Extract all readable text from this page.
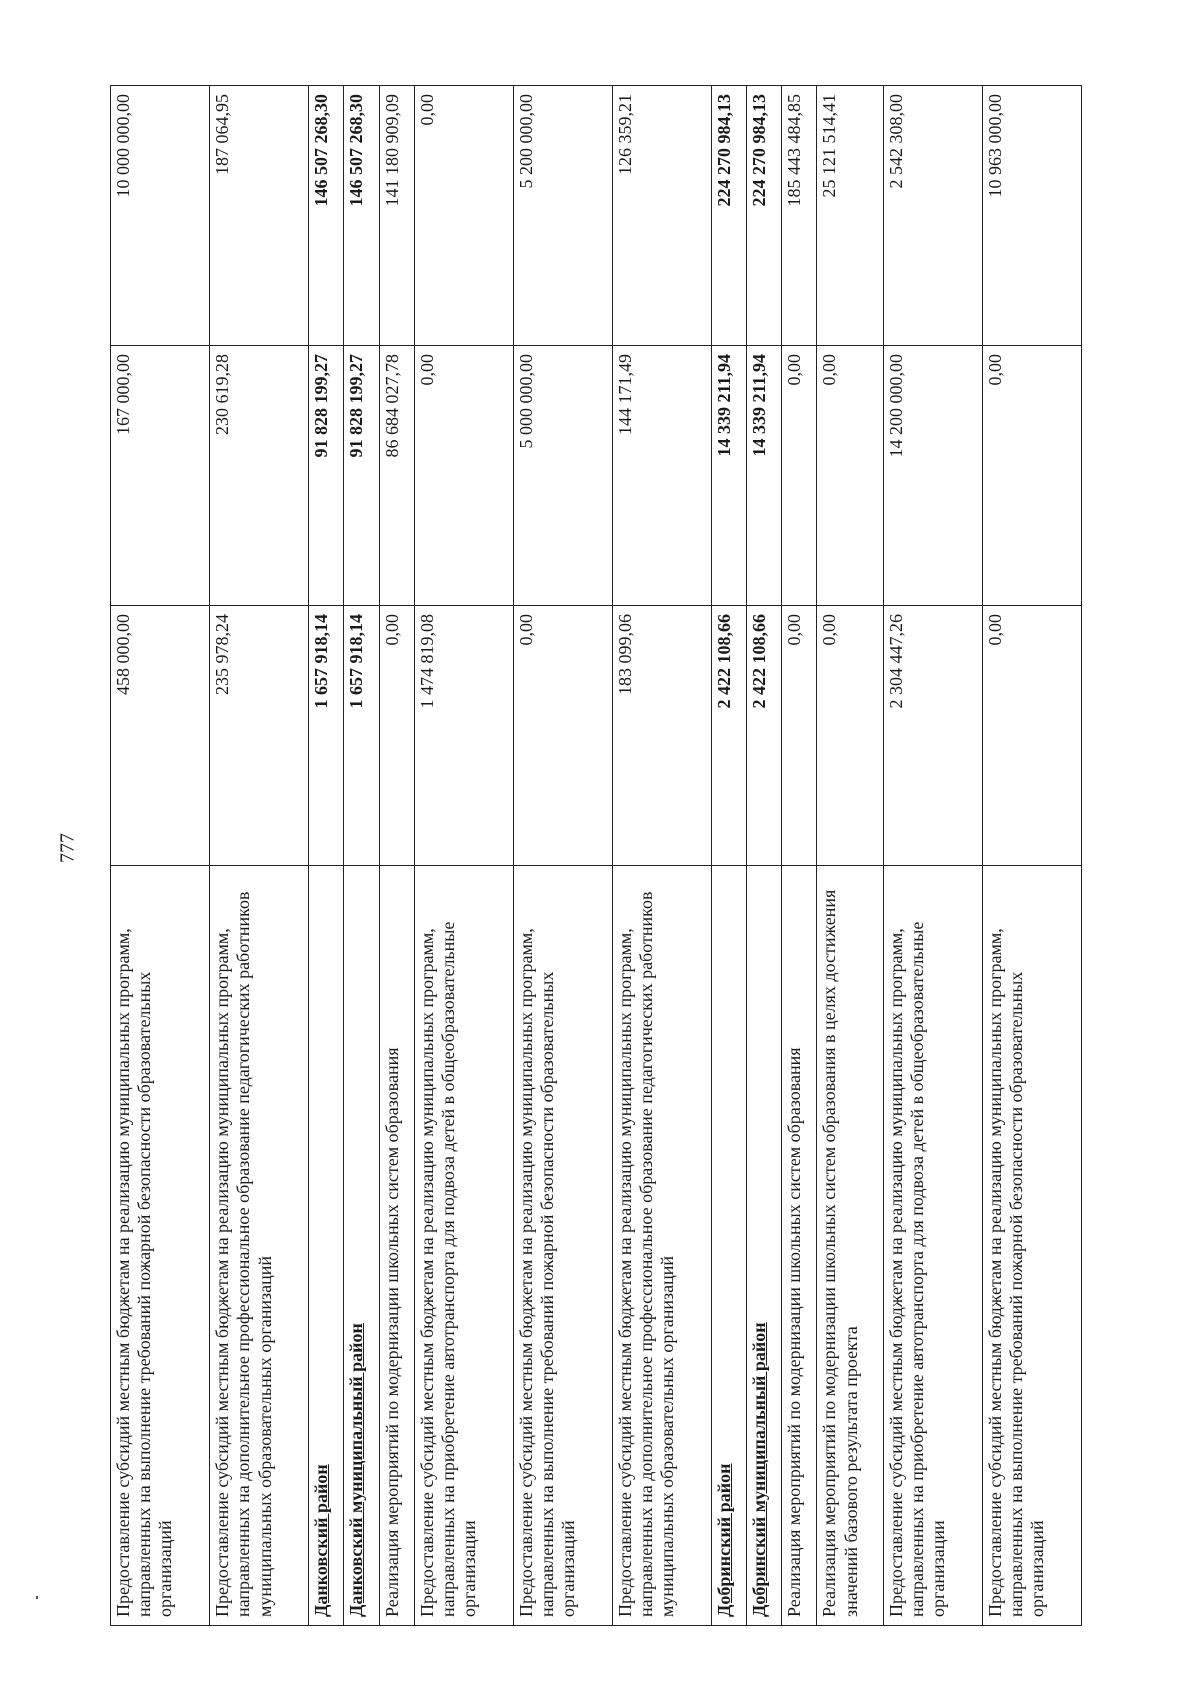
777
Предоставление субсидий местным бюджетам на реализацию муниципальных программ, направленных на выполнение требований пожарной безопасности образовательных организаций	458 000,00	167 000,00	10 000 000,00
Предоставление субсидий местным бюджетам на реализацию муниципальных программ, направленных на дополнительное профессиональное образование педагогических работников муниципальных образовательных организаций	235 978,24	230 619,28	187 064,95
Данковский район	1 657 918,14	91 828 199,27	146 507 268,30
Данковский муниципальный район	1 657 918,14	91 828 199,27	146 507 268,30
Реализация мероприятий по модернизации школьных систем образования	0,00	86 684 027,78	141 180 909,09
Предоставление субсидий местным бюджетам на реализацию муниципальных программ, направленных на приобретение автотранспорта для подвоза детей в общеобразовательные организации	1 474 819,08	0,00	0,00
Предоставление субсидий местным бюджетам на реализацию муниципальных программ, направленных на выполнение требований пожарной безопасности образовательных организаций	0,00	5 000 000,00	5 200 000,00
Предоставление субсидий местным бюджетам на реализацию муниципальных программ, направленных на дополнительное профессиональное образование педагогических работников муниципальных образовательных организаций	183 099,06	144 171,49	126 359,21
Добринский район	2 422 108,66	14 339 211,94	224 270 984,13
Добринский муниципальный район	2 422 108,66	14 339 211,94	224 270 984,13
Реализация мероприятий по модернизации школьных систем образования	0,00	0,00	185 443 484,85
Реализация мероприятий по модернизации школьных систем образования в целях достижения значений базового результата проекта	0,00	0,00	25 121 514,41
Предоставление субсидий местным бюджетам на реализацию муниципальных программ, направленных на приобретение автотранспорта для подвоза детей в общеобразовательные организации	2 304 447,26	14 200 000,00	2 542 308,00
Предоставление субсидий местным бюджетам на реализацию муниципальных программ, направленных на выполнение требований пожарной безопасности образовательных организаций	0,00	0,00	10 963 000,00
